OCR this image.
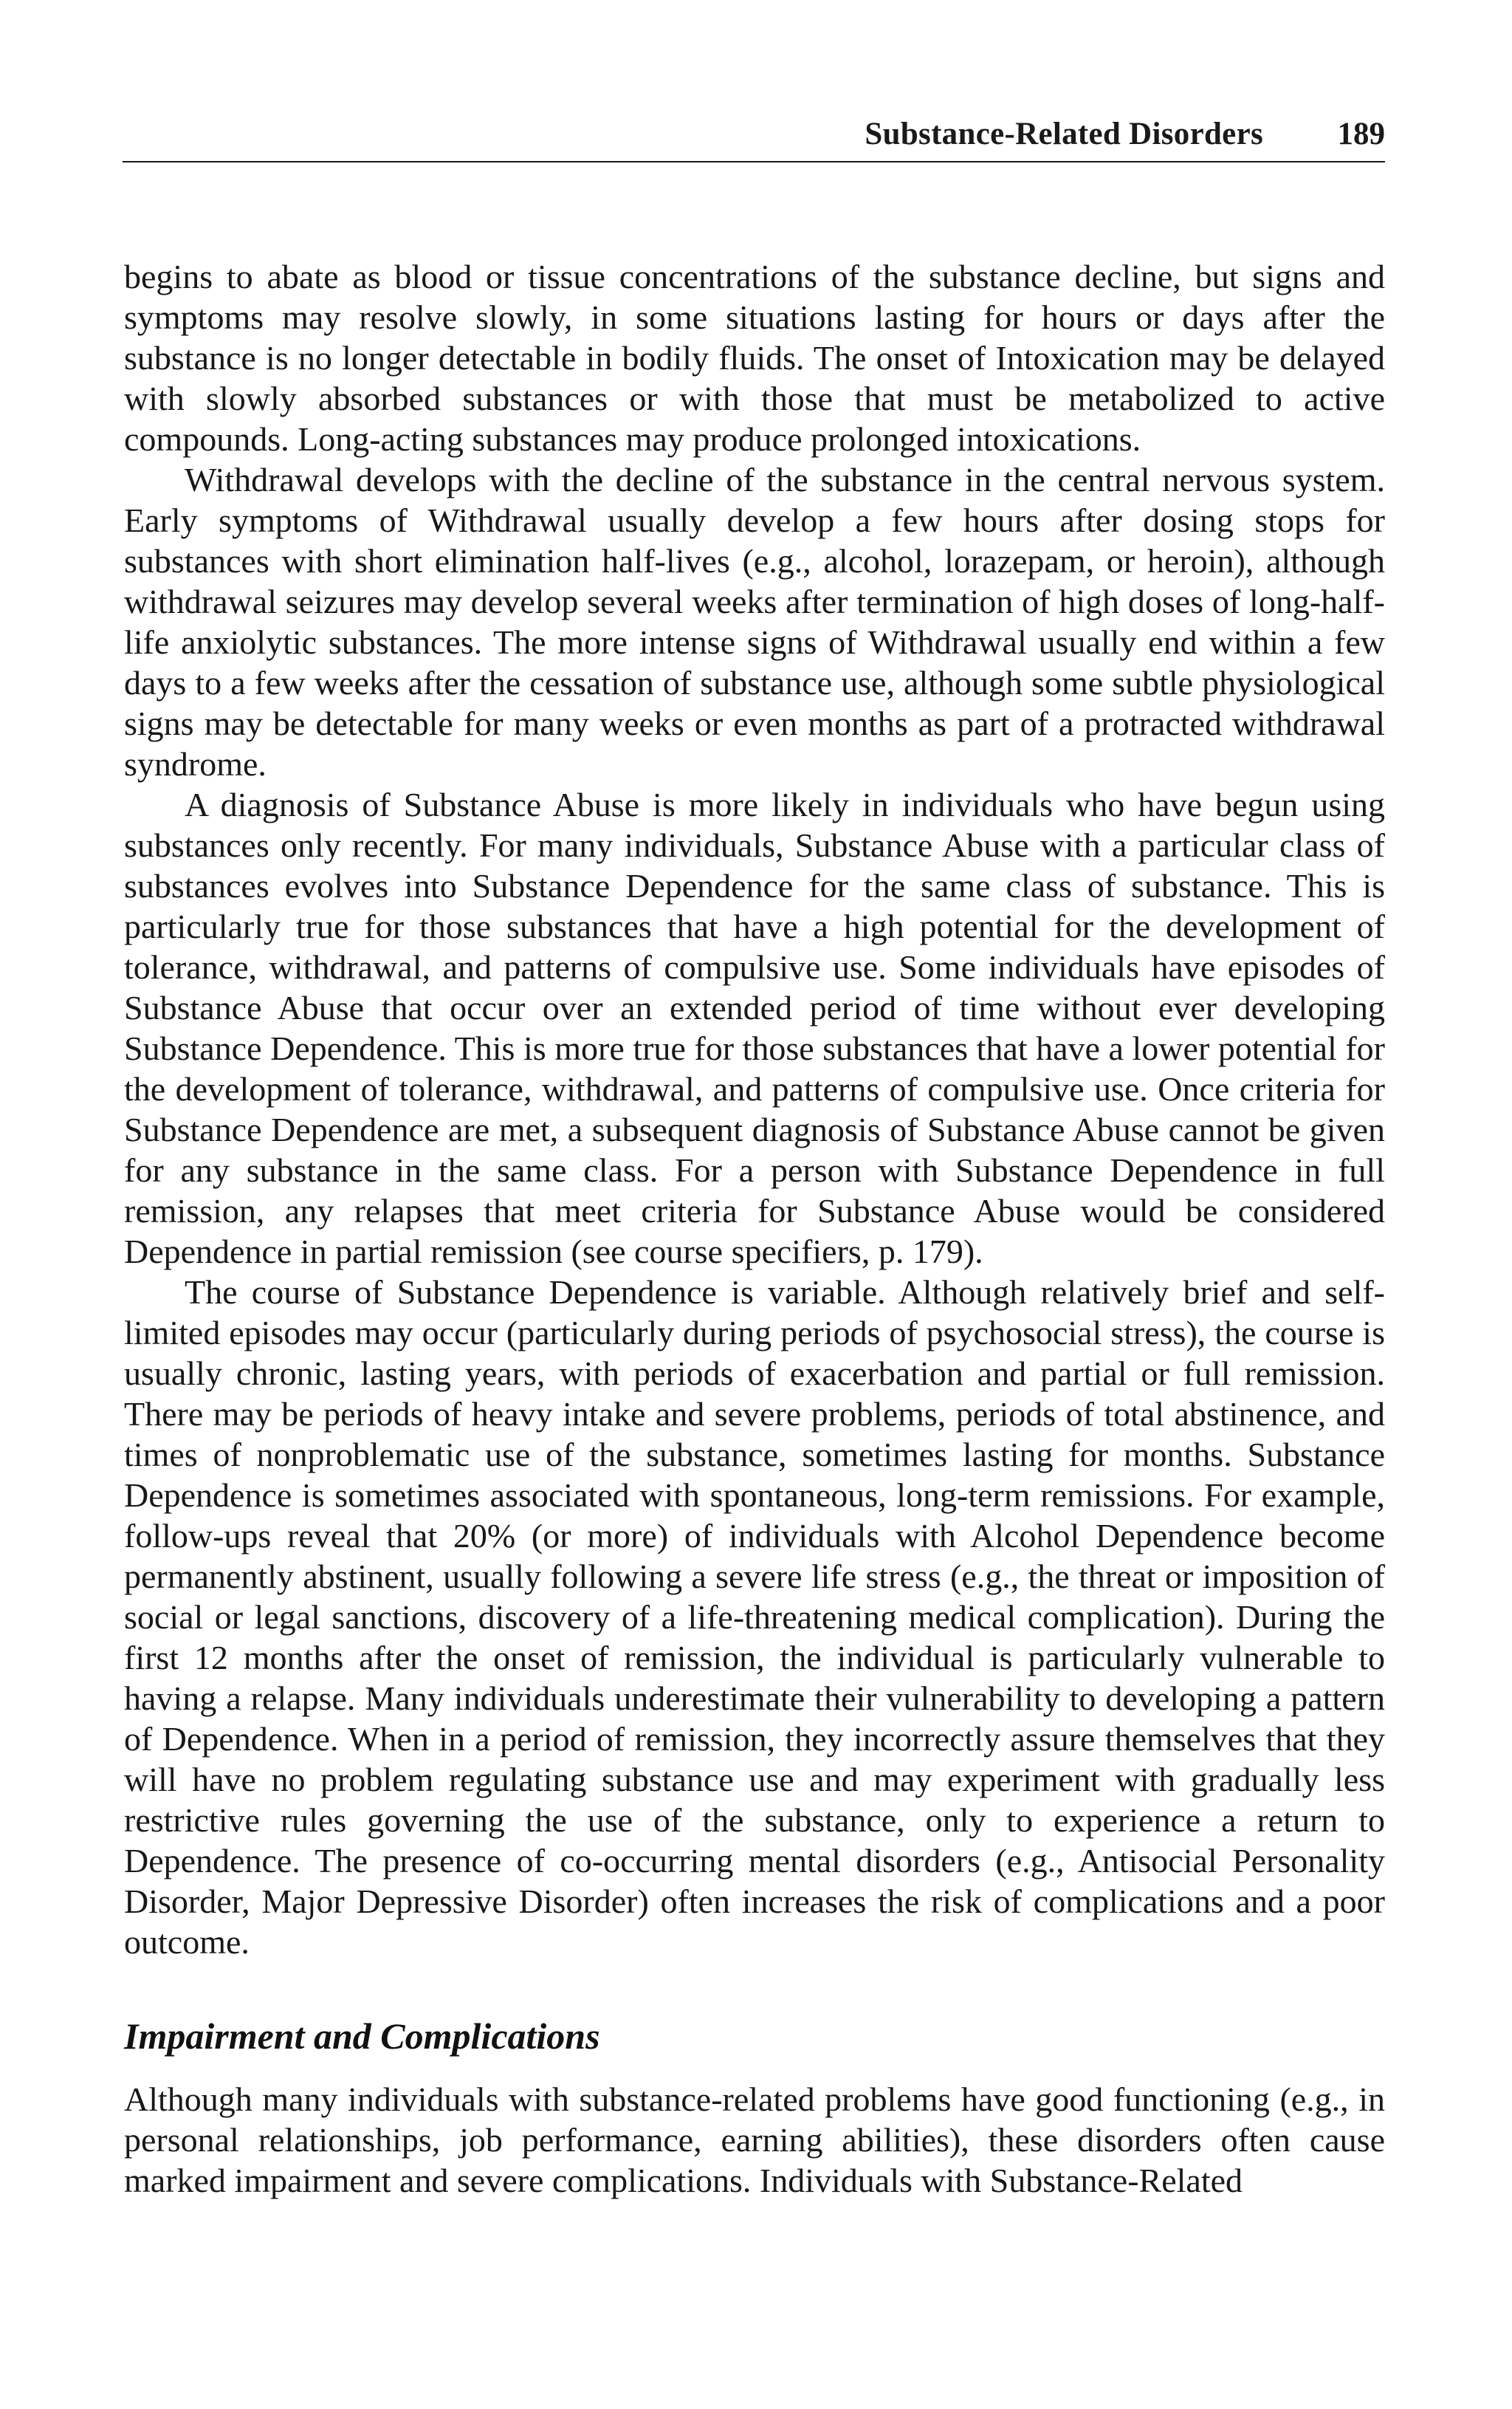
Substance-Related Disorders 189

begins to abate as blood or tissue concentrations of the substance decline, but signs and symptoms may resolve slowly, in some situations lasting for hours or days after the substance is no longer detectable in bodily fluids. The onset of Intoxication may be delayed with slowly absorbed substances or with those that must be metabolized to active compounds. Long-acting substances may produce prolonged intoxications.

Withdrawal develops with the decline of the substance in the central nervous system. Early symptoms of Withdrawal usually develop a few hours after dosing stops for substances with short elimination half-lives (e.g., alcohol, lorazepam, or heroin), although withdrawal seizures may develop several weeks after termination of high doses of long-half-life anxiolytic substances. The more intense signs of Withdrawal usually end within a few days to a few weeks after the cessation of substance use, although some subtle physiological signs may be detectable for many weeks or even months as part of a protracted withdrawal syndrome.

A diagnosis of Substance Abuse is more likely in individuals who have begun using substances only recently. For many individuals, Substance Abuse with a particular class of substances evolves into Substance Dependence for the same class of substance. This is particularly true for those substances that have a high potential for the development of tolerance, withdrawal, and patterns of compulsive use. Some individuals have episodes of Substance Abuse that occur over an extended period of time without ever developing Substance Dependence. This is more true for those substances that have a lower potential for the development of tolerance, withdrawal, and patterns of compulsive use. Once criteria for Substance Dependence are met, a subsequent diagnosis of Substance Abuse cannot be given for any substance in the same class. For a person with Substance Dependence in full remission, any relapses that meet criteria for Substance Abuse would be considered Dependence in partial remission (see course specifiers, p. 179).

The course of Substance Dependence is variable. Although relatively brief and self-limited episodes may occur (particularly during periods of psychosocial stress), the course is usually chronic, lasting years, with periods of exacerbation and partial or full remission. There may be periods of heavy intake and severe problems, periods of total abstinence, and times of nonproblematic use of the substance, sometimes lasting for months. Substance Dependence is sometimes associated with spontaneous, long-term remissions. For example, follow-ups reveal that 20% (or more) of individuals with Alcohol Dependence become permanently abstinent, usually following a severe life stress (e.g., the threat or imposition of social or legal sanctions, discovery of a life-threatening medical complication). During the first 12 months after the onset of remission, the individual is particularly vulnerable to having a relapse. Many individuals underestimate their vulnerability to developing a pattern of Dependence. When in a period of remission, they incorrectly assure themselves that they will have no problem regulating substance use and may experiment with gradually less restrictive rules governing the use of the substance, only to experience a return to Dependence. The presence of co-occurring mental disorders (e.g., Antisocial Personality Disorder, Major Depressive Disorder) often increases the risk of complications and a poor outcome.

Impairment and Complications

Although many individuals with substance-related problems have good functioning (e.g., in personal relationships, job performance, earning abilities), these disorders often cause marked impairment and severe complications. Individuals with Substance-Related
